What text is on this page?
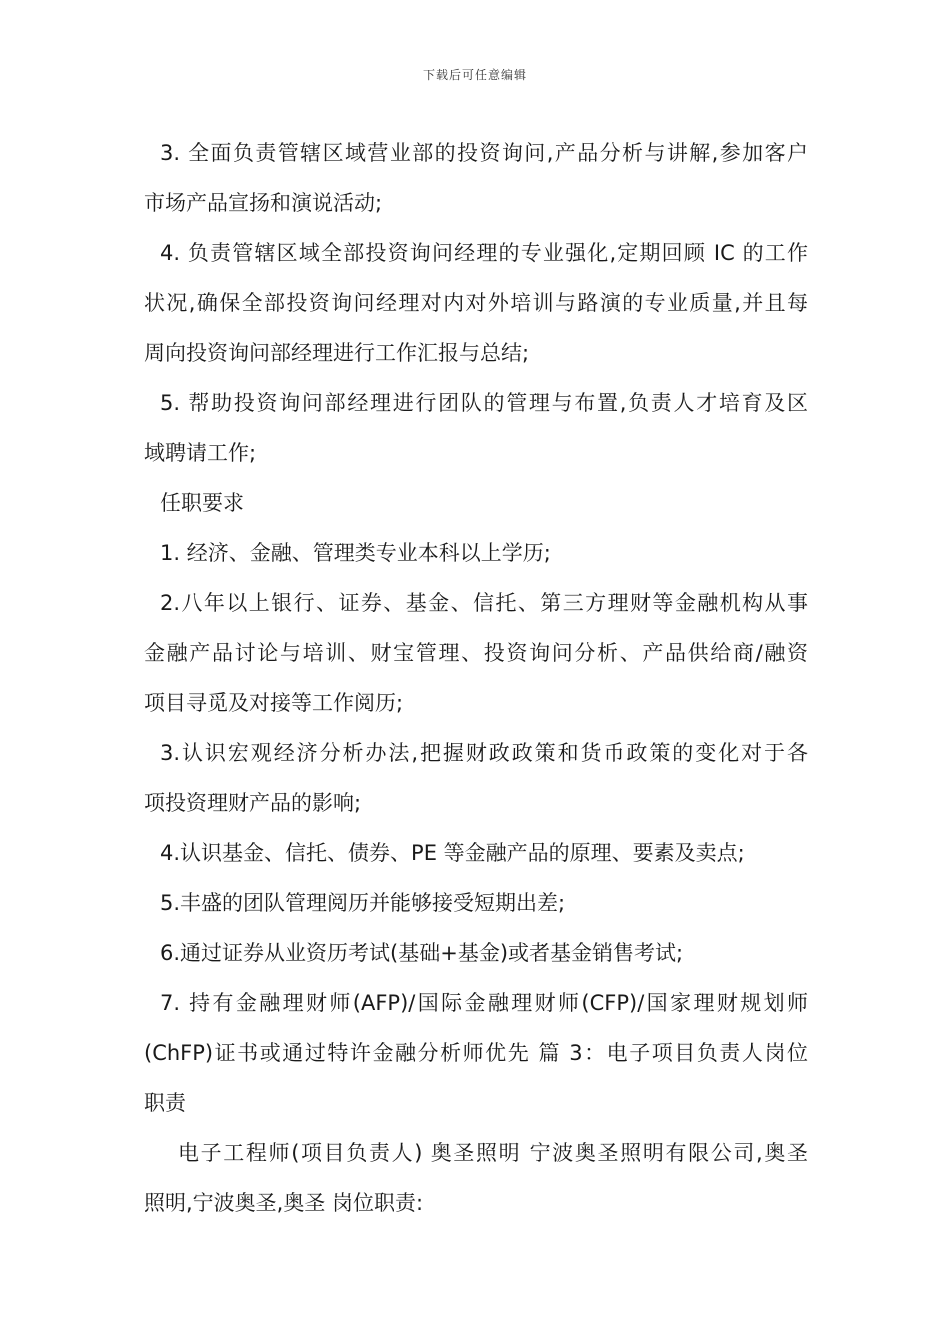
下载后可任意编辑
3. 全面负责管辖区域营业部的投资询问,产品分析与讲解,参加客户
市场产品宣扬和演说活动;
4. 负责管辖区域全部投资询问经理的专业强化,定期回顾 IC 的工作
状况,确保全部投资询问经理对内对外培训与路演的专业质量,并且每
周向投资询问部经理进行工作汇报与总结;
5. 帮助投资询问部经理进行团队的管理与布置,负责人才培育及区
域聘请工作;
任职要求
1. 经济、金融、管理类专业本科以上学历;
2.八年以上银行、证券、基金、信托、第三方理财等金融机构从事
金融产品讨论与培训、财宝管理、投资询问分析、产品供给商/融资
项目寻觅及对接等工作阅历;
3.认识宏观经济分析办法,把握财政政策和货币政策的变化对于各
项投资理财产品的影响;
4.认识基金、信托、债券、PE 等金融产品的原理、要素及卖点;
5.丰盛的团队管理阅历并能够接受短期出差;
6.通过证券从业资历考试(基础+基金)或者基金销售考试;
7. 持有金融理财师(AFP)/国际金融理财师(CFP)/国家理财规划师
(ChFP)证书或通过特许金融分析师优先 篇 3：电子项目负责人岗位
职责
电子工程师(项目负责人) 奥圣照明 宁波奥圣照明有限公司,奥圣
照明,宁波奥圣,奥圣 岗位职责:
